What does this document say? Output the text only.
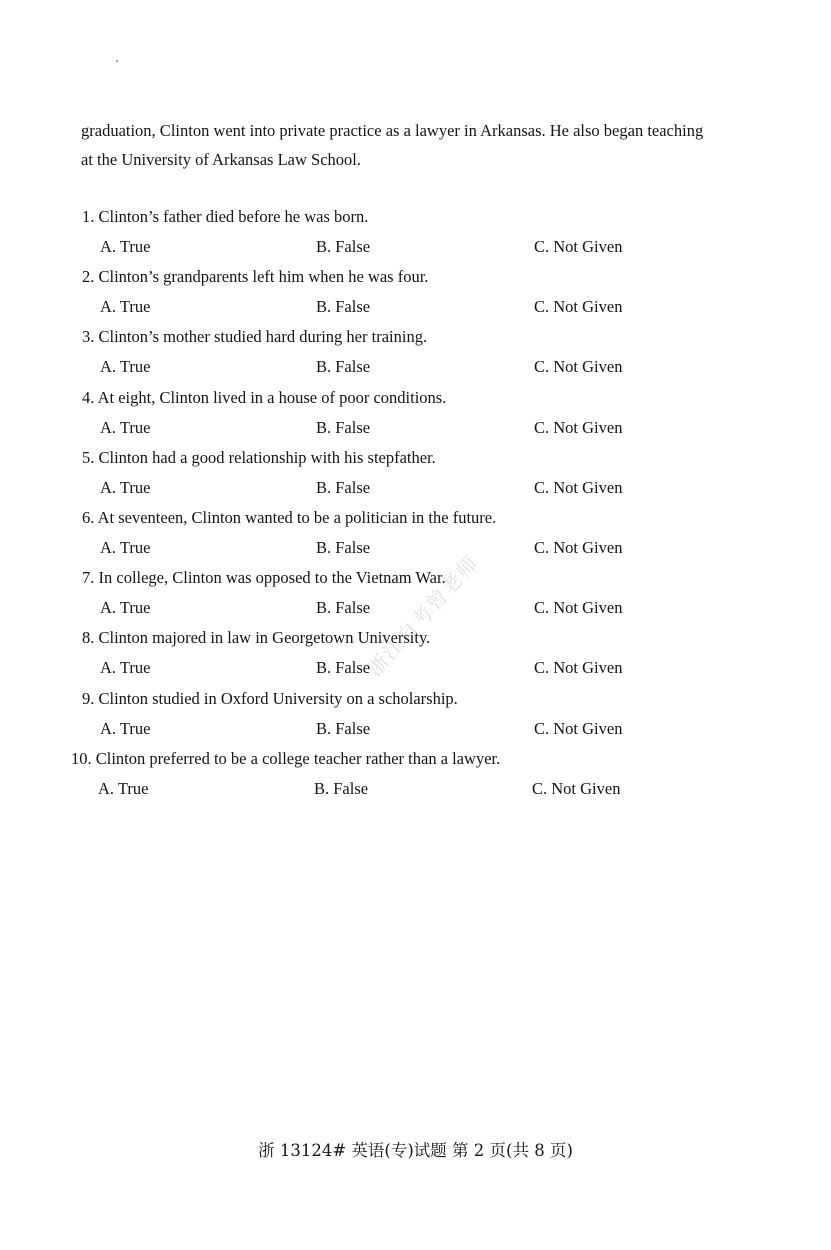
graduation, Clinton went into private practice as a lawyer in Arkansas. He also began teaching

at the University of Arkansas Law School.

浙江自考曾老师
1. Clinton’s father died before he was born.
A. True	B. False	C. Not Given
2. Clinton’s grandparents left him when he was four.
A. True	B. False	C. Not Given
3. Clinton’s mother studied hard during her training.
A. True	B. False	C. Not Given
4. At eight, Clinton lived in a house of poor conditions.
A. True	B. False	C. Not Given
5. Clinton had a good relationship with his stepfather.
A. True	B. False	C. Not Given
6. At seventeen, Clinton wanted to be a politician in the future.
A. True	B. False	C. Not Given
7. In college, Clinton was opposed to the Vietnam War.
A. True	B. False	C. Not Given
8. Clinton majored in law in Georgetown University.
A. True	B. False	C. Not Given
9. Clinton studied in Oxford University on a scholarship.
A. True	B. False	C. Not Given
10. Clinton preferred to be a college teacher rather than a lawyer.
A. True	B. False	C. Not Given
浙 13124# 英语(专)试题 第 2 页(共 8 页)
